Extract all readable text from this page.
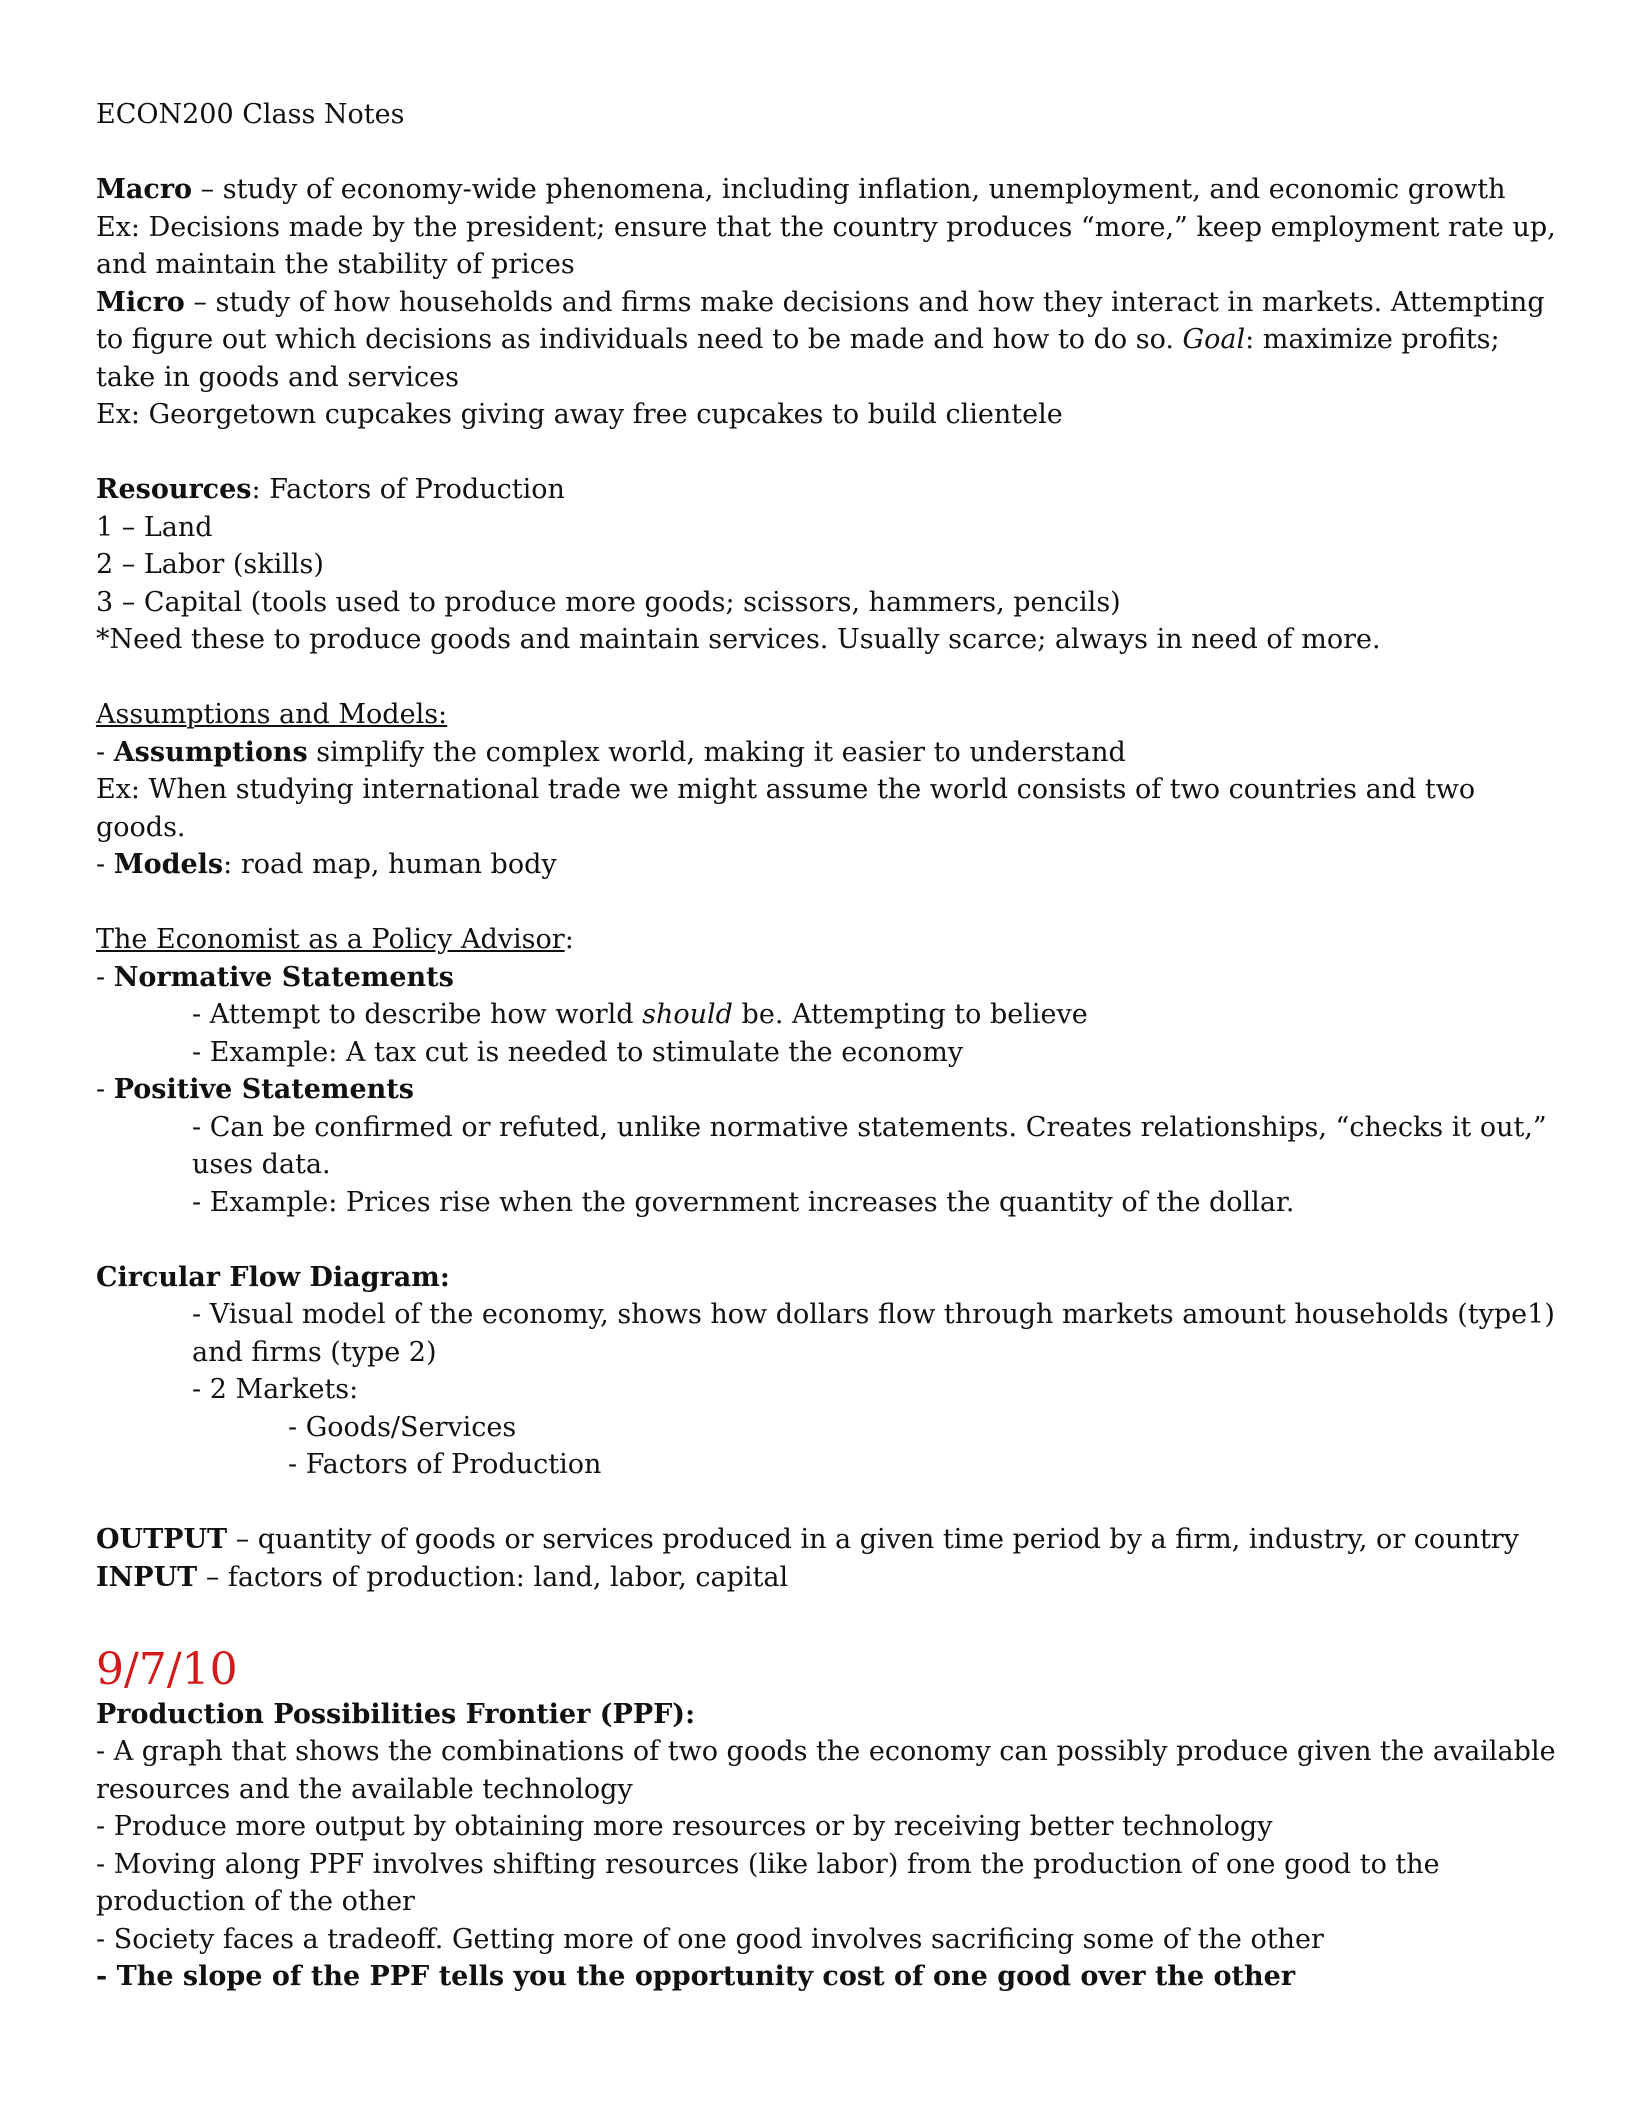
ECON200 Class Notes

Macro – study of economy-wide phenomena, including inflation, unemployment, and economic growth

Ex: Decisions made by the president; ensure that the country produces “more,” keep employment rate up, and maintain the stability of prices

Micro – study of how households and firms make decisions and how they interact in markets. Attempting to figure out which decisions as individuals need to be made and how to do so. Goal: maximize profits; take in goods and services

Ex: Georgetown cupcakes giving away free cupcakes to build clientele

Resources: Factors of Production

1 – Land

2 – Labor (skills)

3 – Capital (tools used to produce more goods; scissors, hammers, pencils)

*Need these to produce goods and maintain services. Usually scarce; always in need of more.

Assumptions and Models:

- Assumptions simplify the complex world, making it easier to understand

Ex: When studying international trade we might assume the world consists of two countries and two goods.

- Models: road map, human body

The Economist as a Policy Advisor:

- Normative Statements

- Attempt to describe how world should be. Attempting to believe

- Example: A tax cut is needed to stimulate the economy

- Positive Statements

- Can be confirmed or refuted, unlike normative statements. Creates relationships, “checks it out,” uses data.

- Example: Prices rise when the government increases the quantity of the dollar.

Circular Flow Diagram:

- Visual model of the economy, shows how dollars flow through markets amount households (type1) and firms (type 2)

- 2 Markets:

- Goods/Services

- Factors of Production

OUTPUT – quantity of goods or services produced in a given time period by a firm, industry, or country

INPUT – factors of production: land, labor, capital

9/7/10

Production Possibilities Frontier (PPF):

- A graph that shows the combinations of two goods the economy can possibly produce given the available resources and the available technology

- Produce more output by obtaining more resources or by receiving better technology

- Moving along PPF involves shifting resources (like labor) from the production of one good to the production of the other

- Society faces a tradeoff. Getting more of one good involves sacrificing some of the other

- The slope of the PPF tells you the opportunity cost of one good over the other
